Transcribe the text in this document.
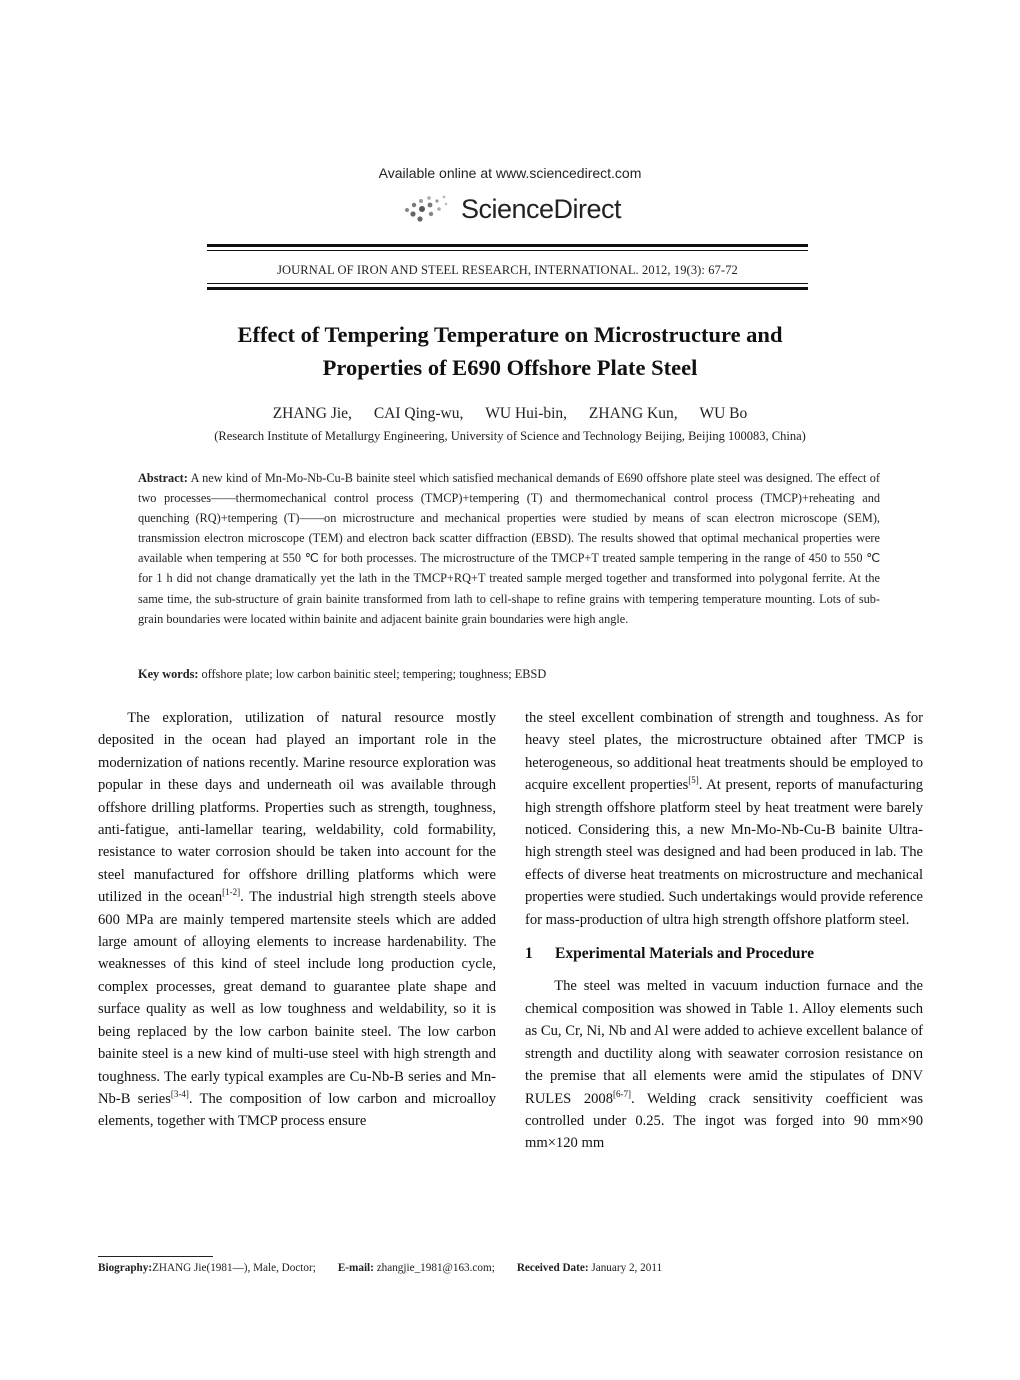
Available online at www.sciencedirect.com
ScienceDirect
JOURNAL OF IRON AND STEEL RESEARCH, INTERNATIONAL. 2012, 19(3): 67-72
Effect of Tempering Temperature on Microstructure and
Properties of E690 Offshore Plate Steel
ZHANG Jie, CAI Qing-wu, WU Hui-bin, ZHANG Kun, WU Bo
(Research Institute of Metallurgy Engineering, University of Science and Technology Beijing, Beijing 100083, China)
Abstract: A new kind of Mn-Mo-Nb-Cu-B bainite steel which satisfied mechanical demands of E690 offshore plate steel was designed. The effect of two processes——thermomechanical control process (TMCP)+tempering (T) and thermomechanical control process (TMCP)+reheating and quenching (RQ)+tempering (T)——on microstructure and mechanical properties were studied by means of scan electron microscope (SEM), transmission electron microscope (TEM) and electron back scatter diffraction (EBSD). The results showed that optimal mechanical properties were available when tempering at 550 ℃ for both processes. The microstructure of the TMCP+T treated sample tempering in the range of 450 to 550 ℃ for 1 h did not change dramatically yet the lath in the TMCP+RQ+T treated sample merged together and transformed into polygonal ferrite. At the same time, the sub-structure of grain bainite transformed from lath to cell-shape to refine grains with tempering temperature mounting. Lots of sub-grain boundaries were located within bainite and adjacent bainite grain boundaries were high angle.
Key words: offshore plate; low carbon bainitic steel; tempering; toughness; EBSD

The exploration, utilization of natural resource mostly deposited in the ocean had played an important role in the modernization of nations recently. Marine resource exploration was popular in these days and underneath oil was available through offshore drilling platforms. Properties such as strength, toughness, anti-fatigue, anti-lamellar tearing, weldability, cold formability, resistance to water corrosion should be taken into account for the steel manufactured for offshore drilling platforms which were utilized in the ocean[1-2]. The industrial high strength steels above 600 MPa are mainly tempered martensite steels which are added large amount of alloying elements to increase hardenability. The weaknesses of this kind of steel include long production cycle, complex processes, great demand to guarantee plate shape and surface quality as well as low toughness and weldability, so it is being replaced by the low carbon bainite steel. The low carbon bainite steel is a new kind of multi-use steel with high strength and toughness. The early typical examples are Cu-Nb-B series and Mn-Nb-B series[3-4]. The composition of low carbon and microalloy elements, together with TMCP process ensure

the steel excellent combination of strength and toughness. As for heavy steel plates, the microstructure obtained after TMCP is heterogeneous, so additional heat treatments should be employed to acquire excellent properties[5]. At present, reports of manufacturing high strength offshore platform steel by heat treatment were barely noticed. Considering this, a new Mn-Mo-Nb-Cu-B bainite Ultra-high strength steel was designed and had been produced in lab. The effects of diverse heat treatments on microstructure and mechanical properties were studied. Such undertakings would provide reference for mass-production of ultra high strength offshore platform steel.

1 Experimental Materials and Procedure

The steel was melted in vacuum induction furnace and the chemical composition was showed in Table 1. Alloy elements such as Cu, Cr, Ni, Nb and Al were added to achieve excellent balance of strength and ductility along with seawater corrosion resistance on the premise that all elements were amid the stipulates of DNV RULES 2008[6-7]. Welding crack sensitivity coefficient was controlled under 0.25. The ingot was forged into 90 mm×90 mm×120 mm

Biography:ZHANG Jie(1981—), Male, Doctor; E-mail: zhangjie_1981@163.com; Received Date: January 2, 2011
